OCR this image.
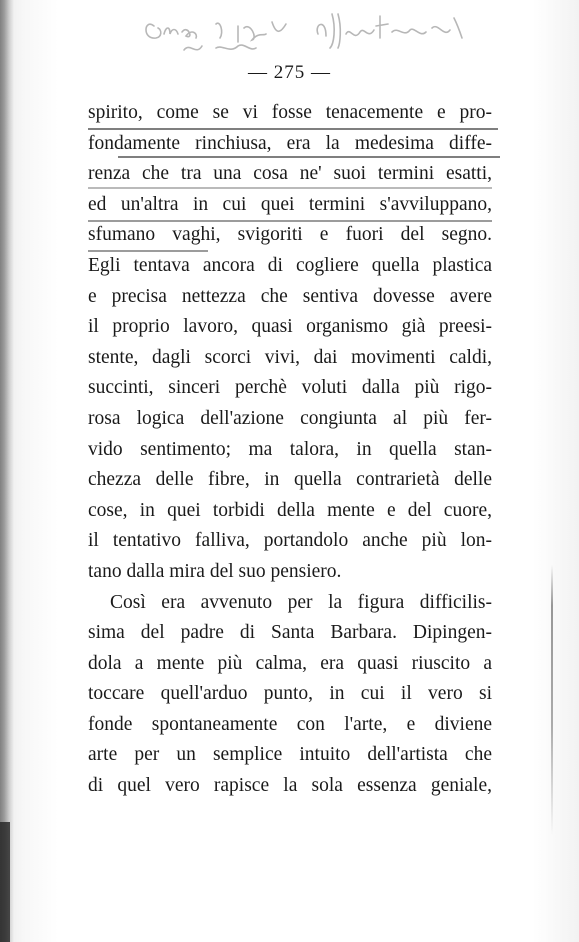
— 275 —
spirito, come se vi fosse tenacemente e pro-
fondamente rinchiusa, era la medesima diffe-
renza che tra una cosa ne' suoi termini esatti,
ed un'altra in cui quei termini s'avviluppano,
sfumano vaghi, svigoriti e fuori del segno.
Egli tentava ancora di cogliere quella plastica
e precisa nettezza che sentiva dovesse avere
il proprio lavoro, quasi organismo già preesi-
stente, dagli scorci vivi, dai movimenti caldi,
succinti, sinceri perchè voluti dalla più rigo-
rosa logica dell'azione congiunta al più fer-
vido sentimento; ma talora, in quella stan-
chezza delle fibre, in quella contrarietà delle
cose, in quei torbidi della mente e del cuore,
il tentativo falliva, portandolo anche più lon-
tano dalla mira del suo pensiero.
Così era avvenuto per la figura difficilis-
sima del padre di Santa Barbara. Dipingen-
dola a mente più calma, era quasi riuscito a
toccare quell'arduo punto, in cui il vero si
fonde spontaneamente con l'arte, e diviene
arte per un semplice intuito dell'artista che
di quel vero rapisce la sola essenza geniale,
